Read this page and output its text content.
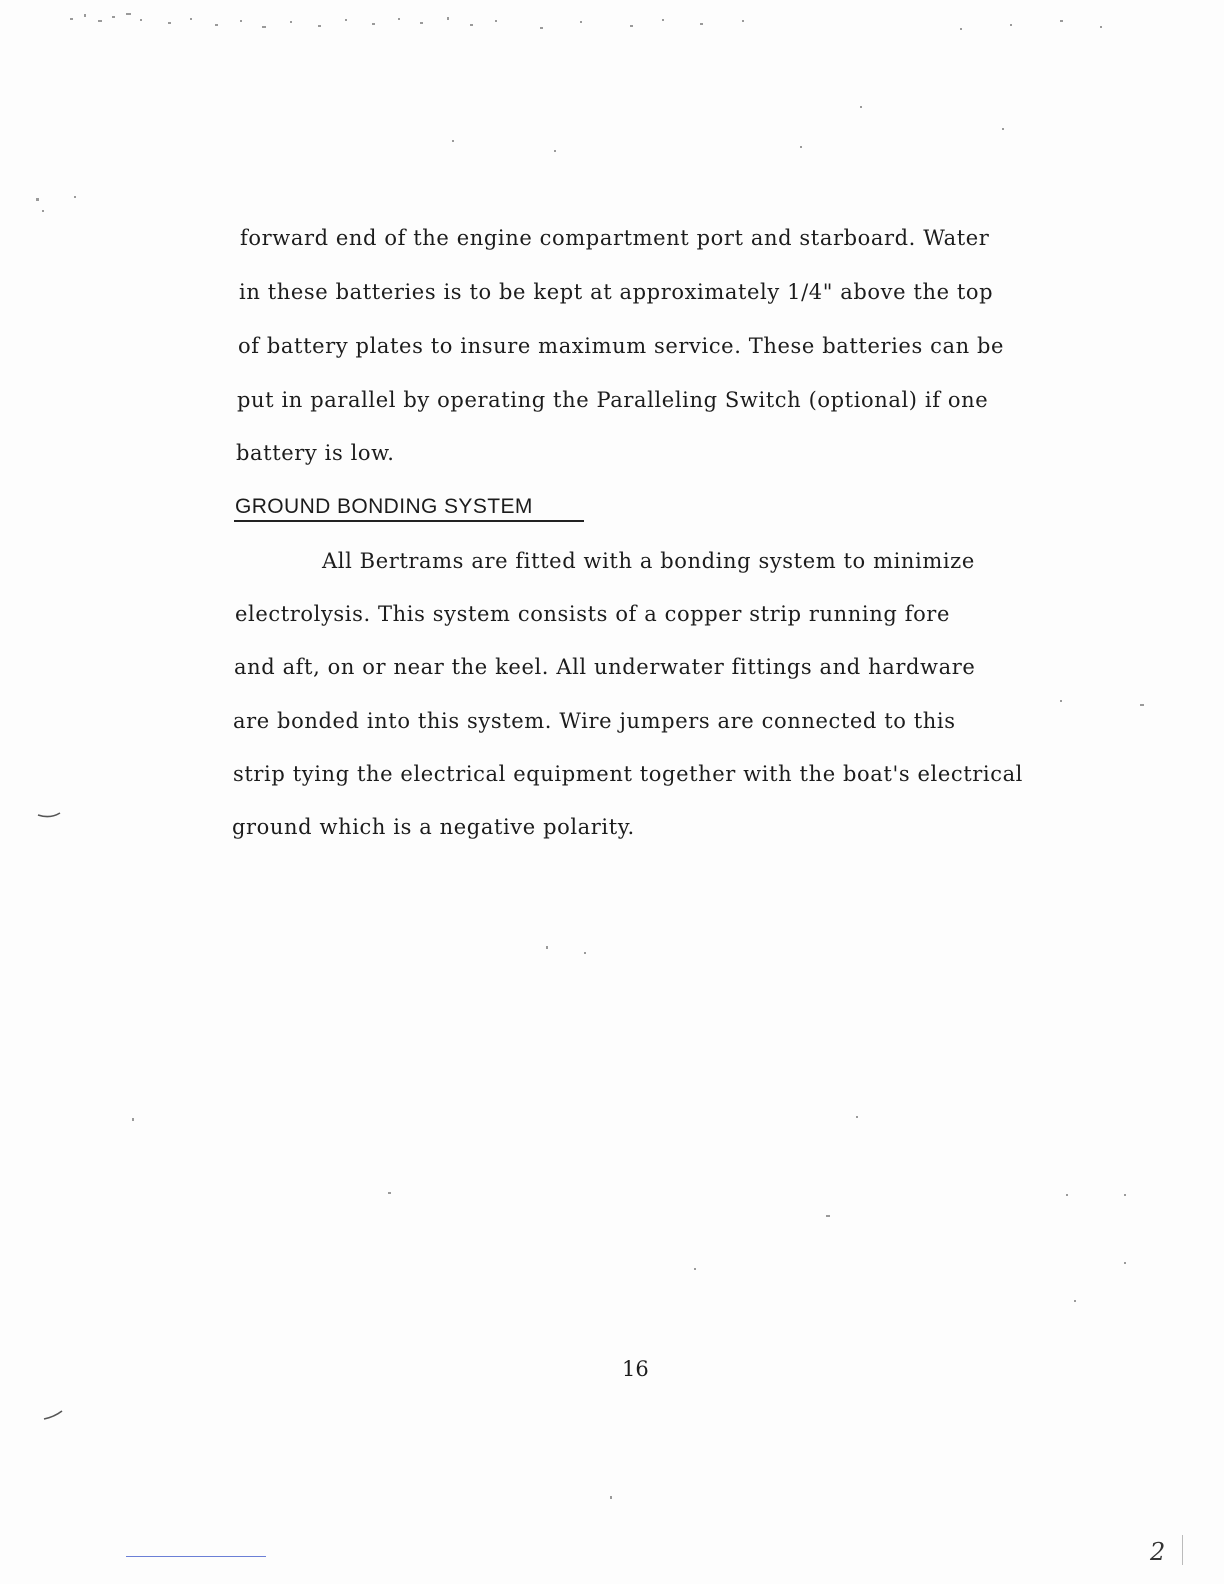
forward end of the engine compartment port and starboard. Water
in these batteries is to be kept at approximately 1/4" above the top
of battery plates to insure maximum service. These batteries can be
put in parallel by operating the Paralleling Switch (optional) if one
battery is low.
GROUND BONDING SYSTEM
All Bertrams are fitted with a bonding system to minimize
electrolysis. This system consists of a copper strip running fore
and aft, on or near the keel. All underwater fittings and hardware
are bonded into this system. Wire jumpers are connected to this
strip tying the electrical equipment together with the boat's electrical
ground which is a negative polarity.
16
2
